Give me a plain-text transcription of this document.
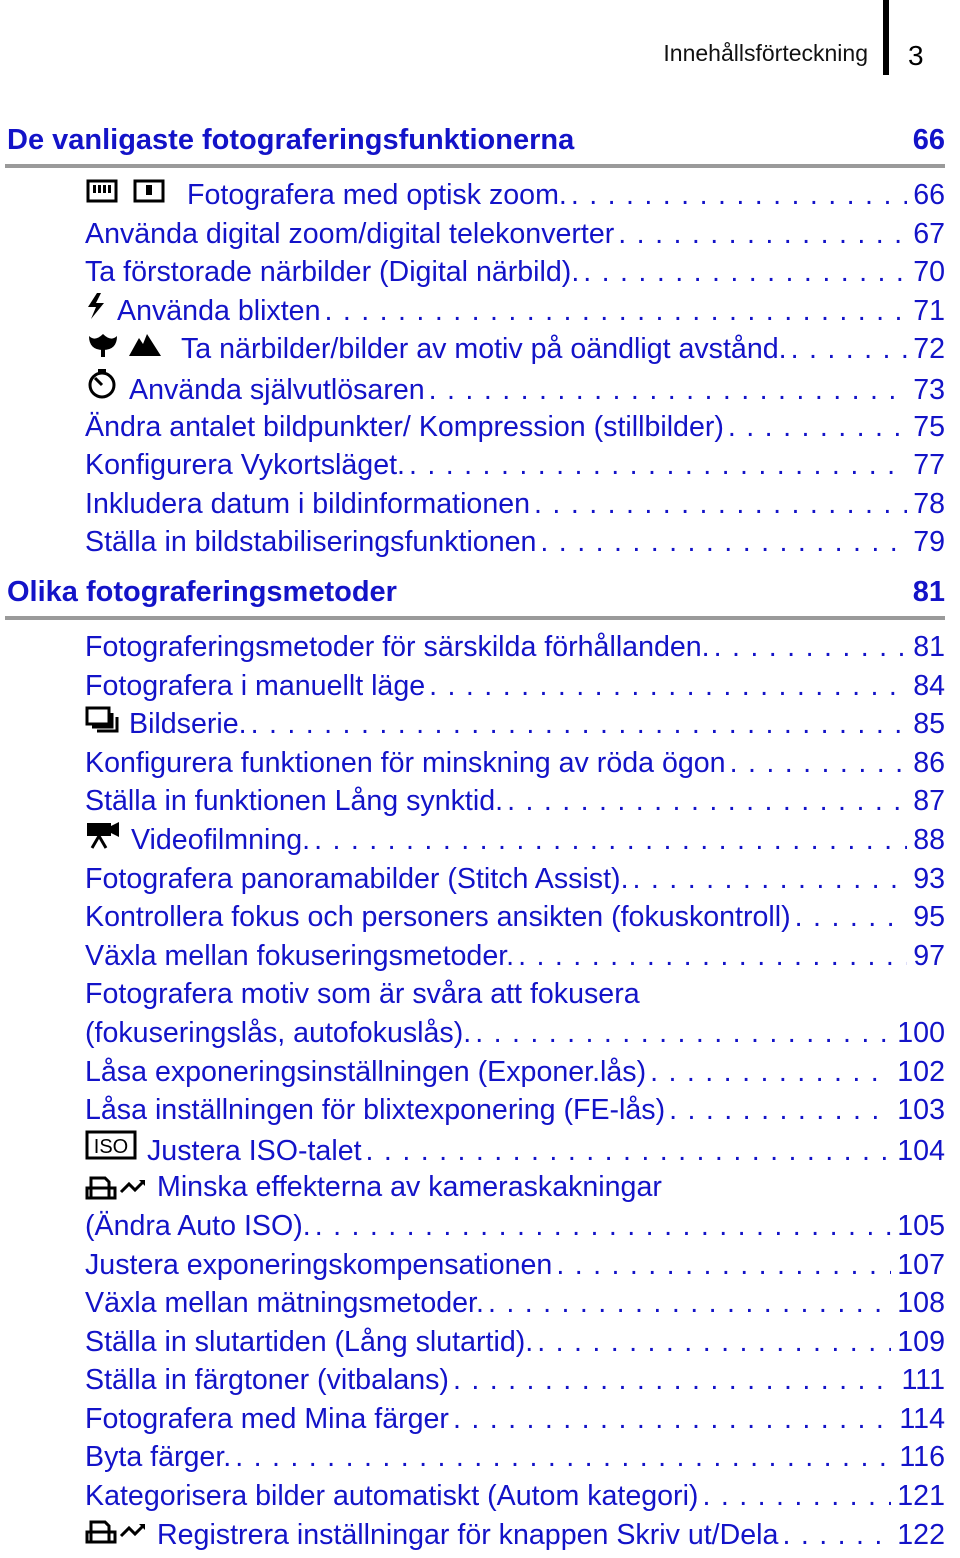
Innehållsförteckning 3
De vanligaste fotograferingsfunktionerna	66
Fotografera med optisk zoom. . . .	66
Använda digital zoom/digital telekonverter . . .	67
Ta förstorade närbilder (Digital närbild). . . .	70
Använda blixten . . .	71
Ta närbilder/bilder av motiv på oändligt avstånd. . . .	72
Använda självutlösaren . . .	73
Ändra antalet bildpunkter/ Kompression (stillbilder) . . .	75
Konfigurera Vykortsläget. . . .	77
Inkludera datum i bildinformationen . . .	78
Ställa in bildstabiliseringsfunktionen . . .	79
Olika fotograferingsmetoder	81
Fotograferingsmetoder för särskilda förhållanden. . . .	81
Fotografera i manuellt läge . . .	84
Bildserie. . . .	85
Konfigurera funktionen för minskning av röda ögon . . .	86
Ställa in funktionen Lång synktid. . . .	87
Videofilmning. . . .	88
Fotografera panoramabilder (Stitch Assist). . . .	93
Kontrollera fokus och personers ansikten (fokuskontroll) . . .	95
Växla mellan fokuseringsmetoder. . . .	97
Fotografera motiv som är svåra att fokusera
(fokuseringslås, autofokuslås). . . .	100
Låsa exponeringsinställningen (Exponer.lås) . . .	102
Låsa inställningen för blixtexponering (FE-lås) . . .	103
ISO Justera ISO-talet . . .	104
Minska effekterna av kameraskakningar
(Ändra Auto ISO). . . .	105
Justera exponeringskompensationen . . .	107
Växla mellan mätningsmetoder. . . .	108
Ställa in slutartiden (Lång slutartid). . . .	109
Ställa in färgtoner (vitbalans) . . .	111
Fotografera med Mina färger . . .	114
Byta färger. . . .	116
Kategorisera bilder automatiskt (Autom kategori) . . .	121
Registrera inställningar för knappen Skriv ut/Dela . . .	122
